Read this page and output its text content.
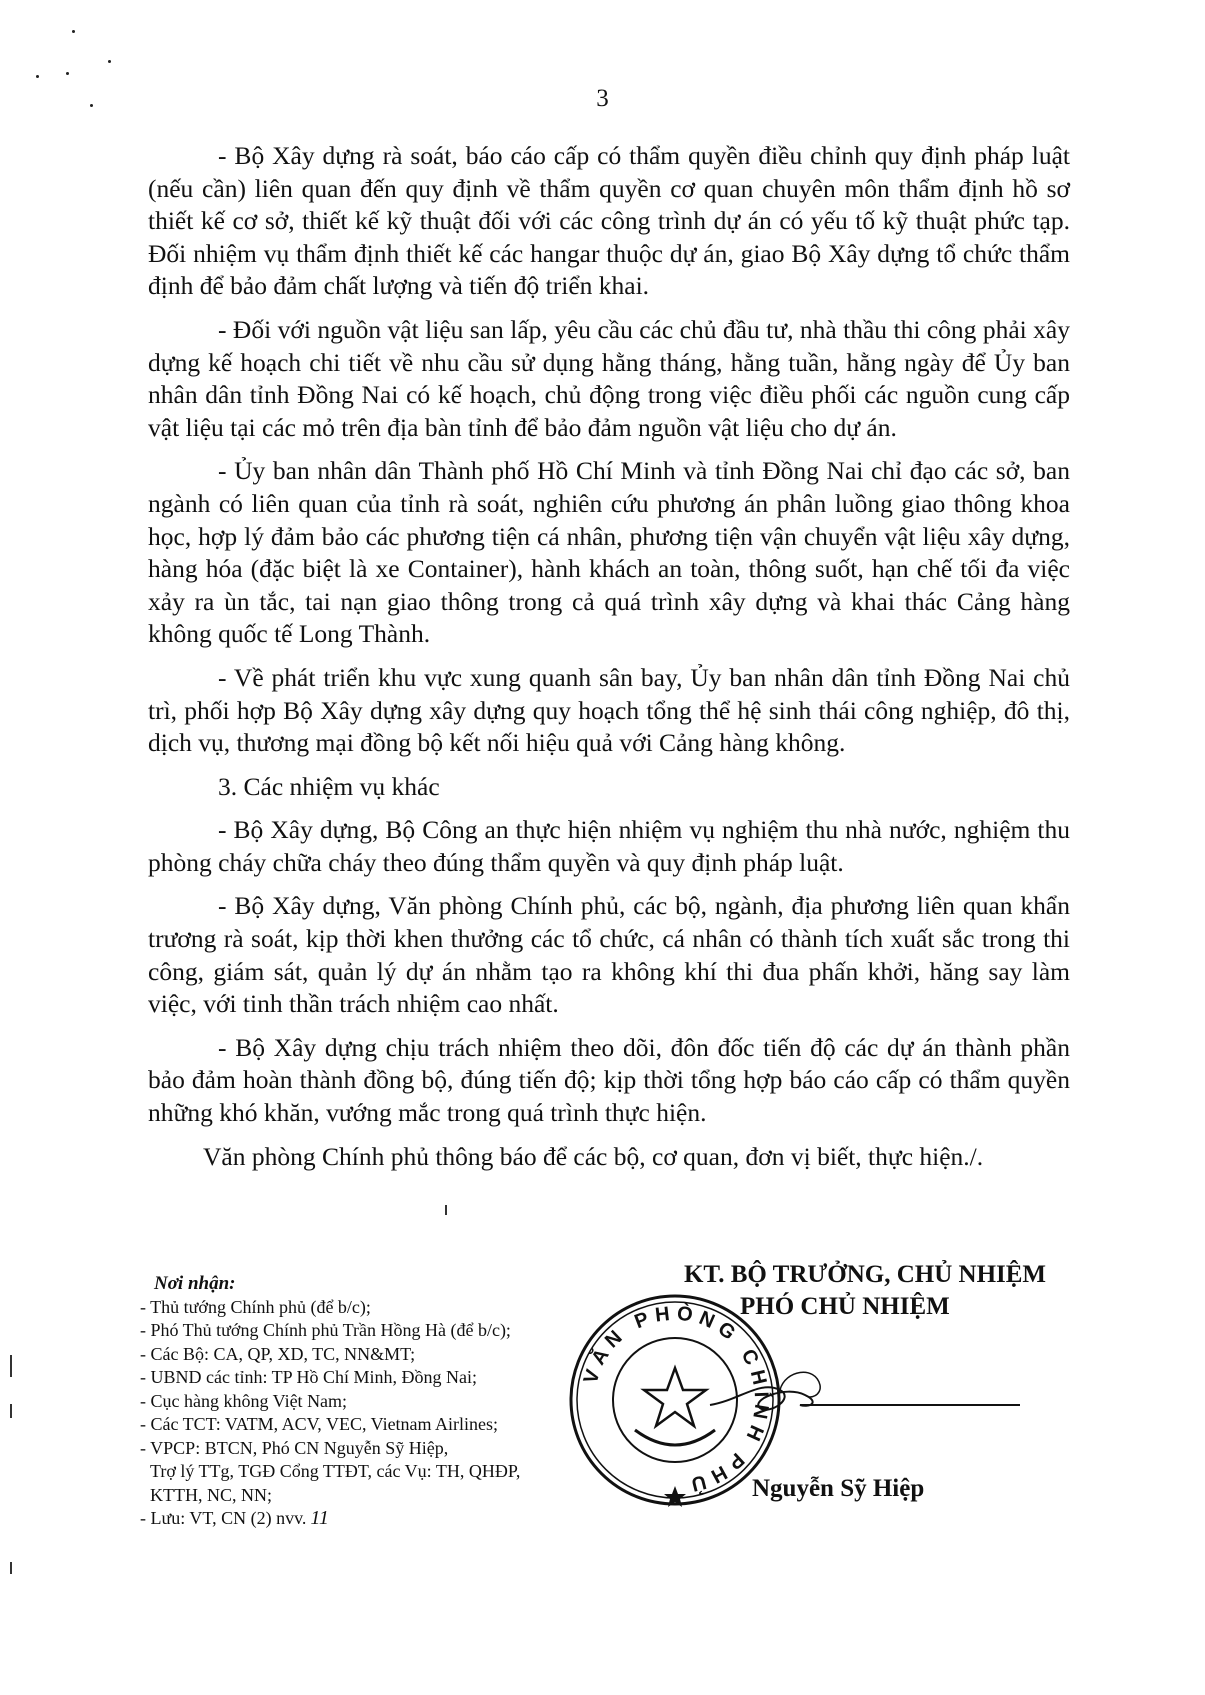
3

- Bộ Xây dựng rà soát, báo cáo cấp có thẩm quyền điều chỉnh quy định pháp luật (nếu cần) liên quan đến quy định về thẩm quyền cơ quan chuyên môn thẩm định hồ sơ thiết kế cơ sở, thiết kế kỹ thuật đối với các công trình dự án có yếu tố kỹ thuật phức tạp. Đối nhiệm vụ thẩm định thiết kế các hangar thuộc dự án, giao Bộ Xây dựng tổ chức thẩm định để bảo đảm chất lượng và tiến độ triển khai.

- Đối với nguồn vật liệu san lấp, yêu cầu các chủ đầu tư, nhà thầu thi công phải xây dựng kế hoạch chi tiết về nhu cầu sử dụng hằng tháng, hằng tuần, hằng ngày để Ủy ban nhân dân tỉnh Đồng Nai có kế hoạch, chủ động trong việc điều phối các nguồn cung cấp vật liệu tại các mỏ trên địa bàn tỉnh để bảo đảm nguồn vật liệu cho dự án.

- Ủy ban nhân dân Thành phố Hồ Chí Minh và tỉnh Đồng Nai chỉ đạo các sở, ban ngành có liên quan của tỉnh rà soát, nghiên cứu phương án phân luồng giao thông khoa học, hợp lý đảm bảo các phương tiện cá nhân, phương tiện vận chuyển vật liệu xây dựng, hàng hóa (đặc biệt là xe Container), hành khách an toàn, thông suốt, hạn chế tối đa việc xảy ra ùn tắc, tai nạn giao thông trong cả quá trình xây dựng và khai thác Cảng hàng không quốc tế Long Thành.

- Về phát triển khu vực xung quanh sân bay, Ủy ban nhân dân tỉnh Đồng Nai chủ trì, phối hợp Bộ Xây dựng xây dựng quy hoạch tổng thể hệ sinh thái công nghiệp, đô thị, dịch vụ, thương mại đồng bộ kết nối hiệu quả với Cảng hàng không.

3. Các nhiệm vụ khác

- Bộ Xây dựng, Bộ Công an thực hiện nhiệm vụ nghiệm thu nhà nước, nghiệm thu phòng cháy chữa cháy theo đúng thẩm quyền và quy định pháp luật.

- Bộ Xây dựng, Văn phòng Chính phủ, các bộ, ngành, địa phương liên quan khẩn trương rà soát, kịp thời khen thưởng các tổ chức, cá nhân có thành tích xuất sắc trong thi công, giám sát, quản lý dự án nhằm tạo ra không khí thi đua phấn khởi, hăng say làm việc, với tinh thần trách nhiệm cao nhất.

- Bộ Xây dựng chịu trách nhiệm theo dõi, đôn đốc tiến độ các dự án thành phần bảo đảm hoàn thành đồng bộ, đúng tiến độ; kịp thời tổng hợp báo cáo cấp có thẩm quyền những khó khăn, vướng mắc trong quá trình thực hiện.

Văn phòng Chính phủ thông báo để các bộ, cơ quan, đơn vị biết, thực hiện./.

Nơi nhận:
- Thủ tướng Chính phủ (để b/c);
- Phó Thủ tướng Chính phủ Trần Hồng Hà (để b/c);
- Các Bộ: CA, QP, XD, TC, NN&MT;
- UBND các tỉnh: TP Hồ Chí Minh, Đồng Nai;
- Cục hàng không Việt Nam;
- Các TCT: VATM, ACV, VEC, Vietnam Airlines;
- VPCP: BTCN, Phó CN Nguyễn Sỹ Hiệp,
Trợ lý TTg, TGĐ Cổng TTĐT, các Vụ: TH, QHĐP,
KTTH, NC, NN;
- Lưu: VT, CN (2) nvv. 11
KT. BỘ TRƯỞNG, CHỦ NHIỆM
PHÓ CHỦ NHIỆM
VĂN PHÒNG CHÍNH PHỦ	Nguyễn Sỹ Hiệp
